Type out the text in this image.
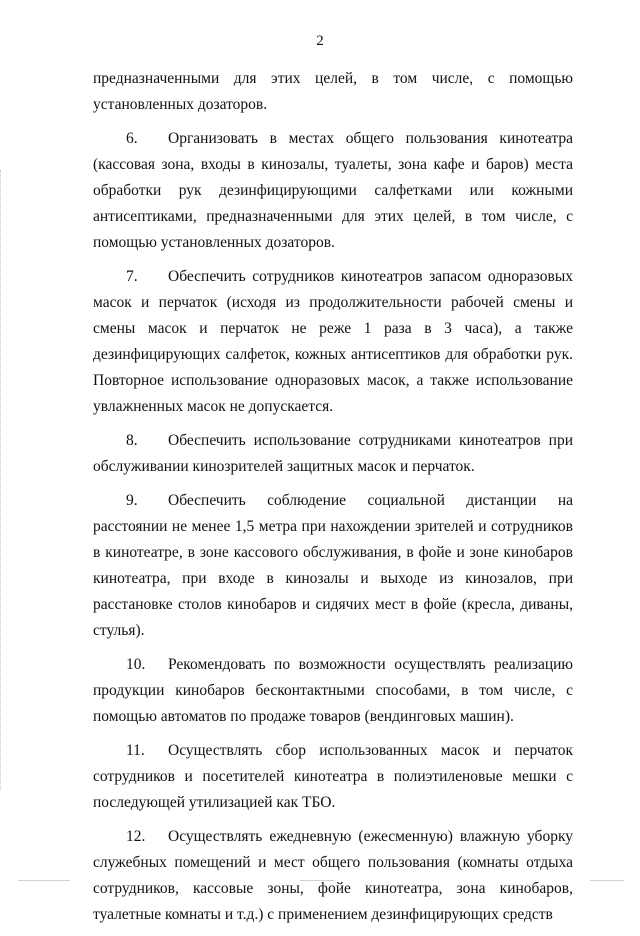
2

предназначенными для этих целей, в том числе, с помощью установленных дозаторов.

6. Организовать в местах общего пользования кинотеатра (кассовая зона, входы в кинозалы, туалеты, зона кафе и баров) места обработки рук дезинфицирующими салфетками или кожными антисептиками, предназначенными для этих целей, в том числе, с помощью установленных дозаторов.

7. Обеспечить сотрудников кинотеатров запасом одноразовых масок и перчаток (исходя из продолжительности рабочей смены и смены масок и перчаток не реже 1 раза в 3 часа), а также дезинфицирующих салфеток, кожных антисептиков для обработки рук. Повторное использование одноразовых масок, а также использование увлажненных масок не допускается.

8. Обеспечить использование сотрудниками кинотеатров при обслуживании кинозрителей защитных масок и перчаток.

9. Обеспечить соблюдение социальной дистанции на расстоянии не менее 1,5 метра при нахождении зрителей и сотрудников в кинотеатре, в зоне кассового обслуживания, в фойе и зоне кинобаров кинотеатра, при входе в кинозалы и выходе из кинозалов, при расстановке столов кинобаров и сидячих мест в фойе (кресла, диваны, стулья).

10. Рекомендовать по возможности осуществлять реализацию продукции кинобаров бесконтактными способами, в том числе, с помощью автоматов по продаже товаров (вендинговых машин).

11. Осуществлять сбор использованных масок и перчаток сотрудников и посетителей кинотеатра в полиэтиленовые мешки с последующей утилизацией как ТБО.

12. Осуществлять ежедневную (ежесменную) влажную уборку служебных помещений и мест общего пользования (комнаты отдыха сотрудников, кассовые зоны, фойе кинотеатра, зона кинобаров, туалетные комнаты и т.д.) с применением дезинфицирующих средств
